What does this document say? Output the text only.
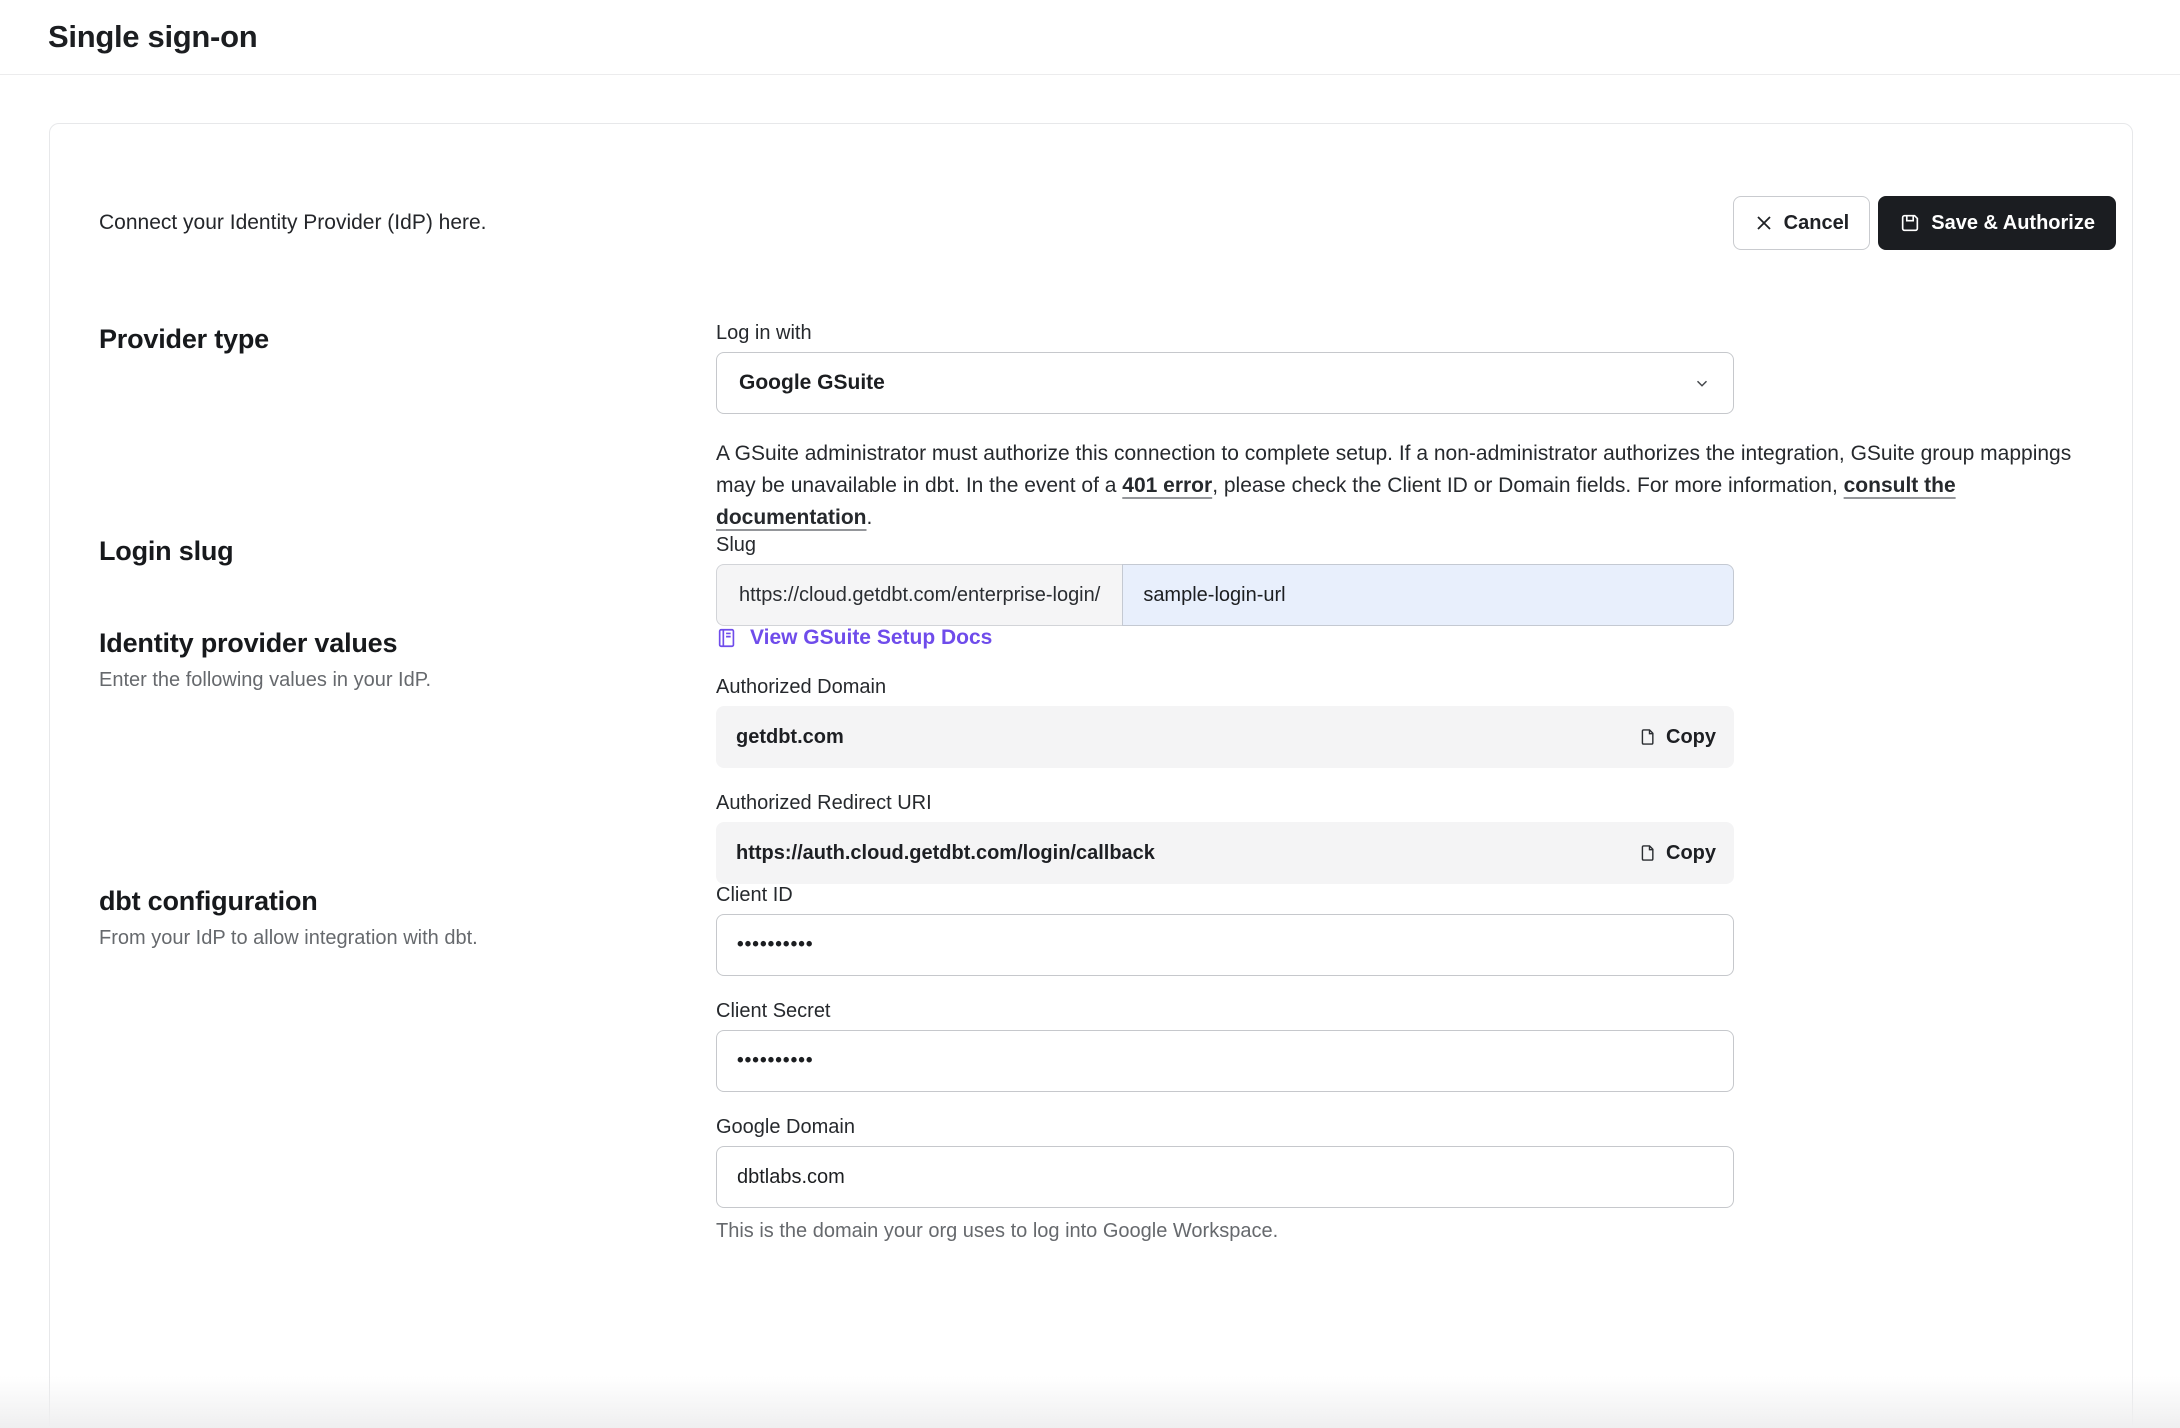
Single sign-on
Connect your Identity Provider (IdP) here.	Cancel	Save & Authorize
Provider type	Log in with
Google GSuite

A GSuite administrator must authorize this connection to complete setup. If a non-administrator authorizes the integration, GSuite group mappings may be unavailable in dbt. In the event of a 401 error, please check the Client ID or Domain fields. For more information, consult the documentation.

Login slug	Slug
https://cloud.getdbt.com/enterprise-login/
sample-login-url
Identity provider values
Enter the following values in your IdP.
View GSuite Setup Docs
Authorized Domain
getdbt.com	Copy
Authorized Redirect URI
https://auth.cloud.getdbt.com/login/callback	Copy
dbt configuration
From your IdP to allow integration with dbt.
Client ID
••••••••••
Client Secret
••••••••••
Google Domain
dbtlabs.com
This is the domain your org uses to log into Google Workspace.
